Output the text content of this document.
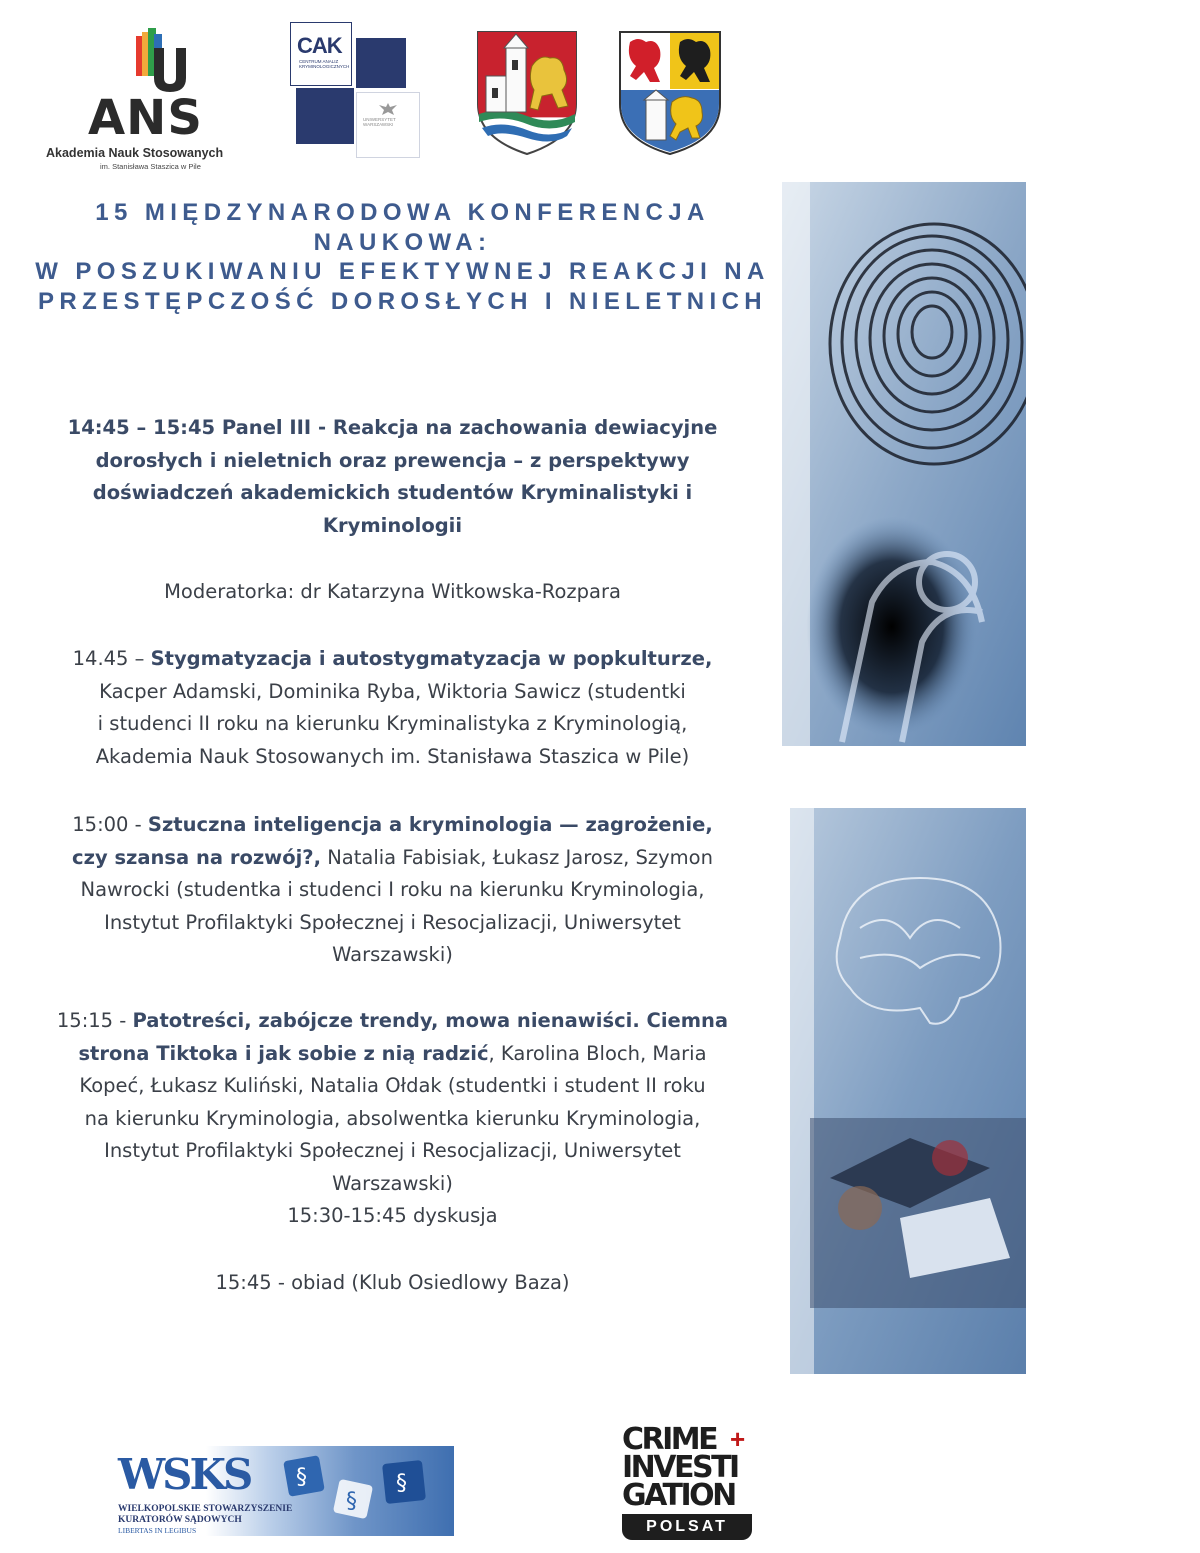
ANS
Akademia Nauk Stosowanych
im. Stanisława Staszica w Pile
CAK
CENTRUM ANALIZ KRYMINOLOGICZNYCH
UNIWERSYTET WARSZAWSKI
15 MIĘDZYNARODOWA KONFERENCJA
NAUKOWA:
W POSZUKIWANIU EFEKTYWNEJ REAKCJI NA
PRZESTĘPCZOŚĆ DOROSŁYCH I NIELETNICH
14:45 – 15:45 Panel III - Reakcja na zachowania dewiacyjne
dorosłych i nieletnich oraz prewencja – z perspektywy
doświadczeń akademickich studentów Kryminalistyki i
Kryminologii
Moderatorka: dr Katarzyna Witkowska-Rozpara
14.45 – Stygmatyzacja i autostygmatyzacja w popkulturze,
Kacper Adamski, Dominika Ryba, Wiktoria Sawicz (studentki
i studenci II roku na kierunku Kryminalistyka z Kryminologią,
Akademia Nauk Stosowanych im. Stanisława Staszica w Pile)
15:00 - Sztuczna inteligencja a kryminologia — zagrożenie,
czy szansa na rozwój?, Natalia Fabisiak, Łukasz Jarosz, Szymon
Nawrocki (studentka i studenci I roku na kierunku Kryminologia,
Instytut Profilaktyki Społecznej i Resocjalizacji, Uniwersytet
Warszawski)
15:15 - Patotreści, zabójcze trendy, mowa nienawiści. Ciemna
strona Tiktoka i jak sobie z nią radzić, Karolina Bloch, Maria
Kopeć, Łukasz Kuliński, Natalia Ołdak (studentki i student II roku
na kierunku Kryminologia, absolwentka kierunku Kryminologia,
Instytut Profilaktyki Społecznej i Resocjalizacji, Uniwersytet
Warszawski)
15:30-15:45 dyskusja
15:45 - obiad (Klub Osiedlowy Baza)
§
§
§
WSKS
WIELKOPOLSKIE STOWARZYSZENIE
KURATORÓW SĄDOWYCH
LIBERTAS IN LEGIBUS
CRIME +
INVESTI
GATION
POLSAT
